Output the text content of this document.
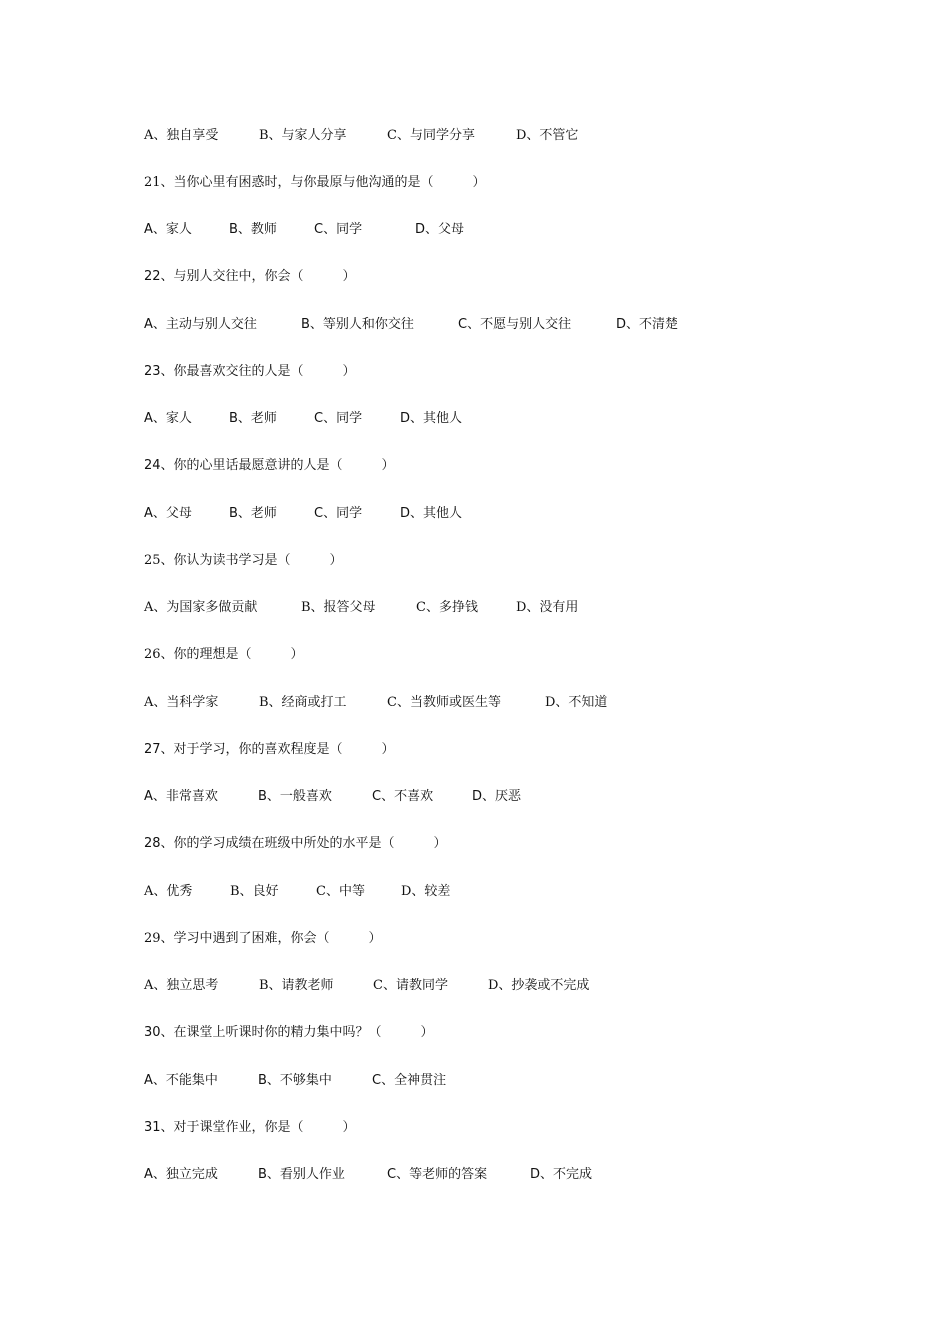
A、独自享受	B、与家人分享	C、与同学分享	D、不管它
21、当你心里有困惑时，与你最原与他沟通的是（　　　）
A、家人	B、教师	C、同学	D、父母
22、与别人交往中，你会（　　　）
A、主动与别人交往	B、等别人和你交往	C、不愿与别人交往	D、不清楚
23、你最喜欢交往的人是（　　　）
A、家人	B、老师	C、同学	D、其他人
24、你的心里话最愿意讲的人是（　　　）
A、父母	B、老师	C、同学	D、其他人
25、你认为读书学习是（　　　）
A、为国家多做贡献	B、报答父母	C、多挣钱	D、没有用
26、你的理想是（　　　）
A、当科学家	B、经商或打工	C、当教师或医生等	D、不知道
27、对于学习，你的喜欢程度是（　　　）
A、非常喜欢	B、一般喜欢	C、不喜欢	D、厌恶
28、你的学习成绩在班级中所处的水平是（　　　）
A、优秀	B、良好	C、中等	D、较差
29、学习中遇到了困难，你会（　　　）
A、独立思考	B、请教老师	C、请教同学	D、抄袭或不完成
30、在课堂上听课时你的精力集中吗？（　　　）
A、不能集中	B、不够集中	C、全神贯注
31、对于课堂作业，你是（　　　）
A、独立完成	B、看别人作业	C、等老师的答案	D、不完成
